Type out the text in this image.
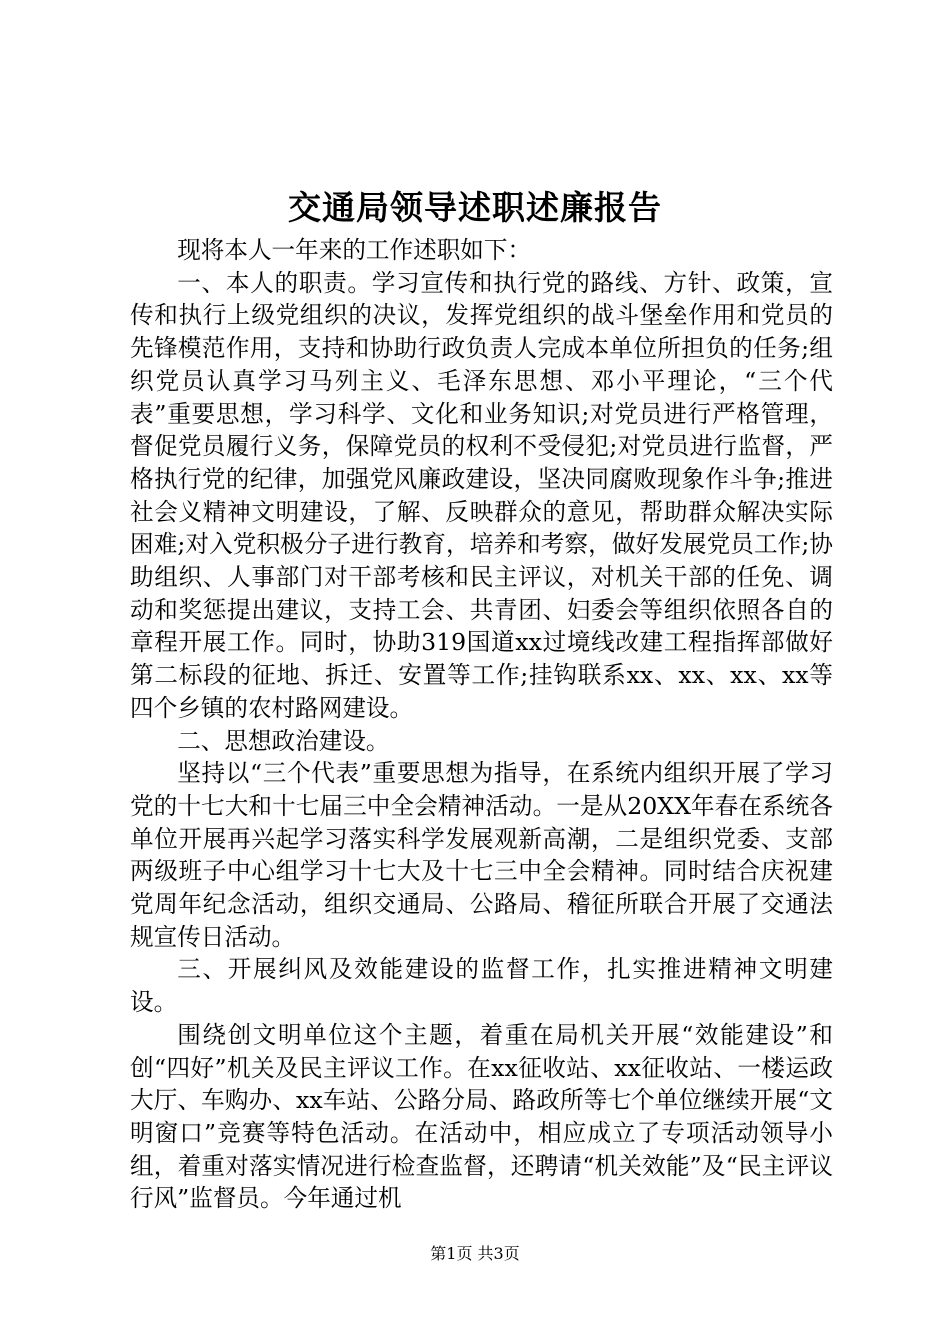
交通局领导述职述廉报告

现将本人一年来的工作述职如下：

一、本人的职责。学习宣传和执行党的路线、方针、政策，宣传和执行上级党组织的决议，发挥党组织的战斗堡垒作用和党员的先锋模范作用，支持和协助行政负责人完成本单位所担负的任务;组织党员认真学习马列主义、毛泽东思想、邓小平理论，“三个代表”重要思想，学习科学、文化和业务知识;对党员进行严格管理，督促党员履行义务，保障党员的权利不受侵犯;对党员进行监督，严格执行党的纪律，加强党风廉政建设，坚决同腐败现象作斗争;推进社会义精神文明建设，了解、反映群众的意见，帮助群众解决实际困难;对入党积极分子进行教育，培养和考察，做好发展党员工作;协助组织、人事部门对干部考核和民主评议，对机关干部的任免、调动和奖惩提出建议，支持工会、共青团、妇委会等组织依照各自的章程开展工作。同时，协助319国道xx过境线改建工程指挥部做好第二标段的征地、拆迁、安置等工作;挂钩联系xx、xx、xx、xx等四个乡镇的农村路网建设。

二、思想政治建设。

坚持以“三个代表”重要思想为指导，在系统内组织开展了学习党的十七大和十七届三中全会精神活动。一是从20XX年春在系统各单位开展再兴起学习落实科学发展观新高潮，二是组织党委、支部两级班子中心组学习十七大及十七三中全会精神。同时结合庆祝建党周年纪念活动，组织交通局、公路局、稽征所联合开展了交通法规宣传日活动。

三、开展纠风及效能建设的监督工作，扎实推进精神文明建设。

围绕创文明单位这个主题，着重在局机关开展“效能建设”和创“四好”机关及民主评议工作。在xx征收站、xx征收站、一楼运政大厅、车购办、xx车站、公路分局、路政所等七个单位继续开展“文明窗口”竞赛等特色活动。在活动中，相应成立了专项活动领导小组，着重对落实情况进行检查监督，还聘请“机关效能”及“民主评议行风”监督员。今年通过机

第1页 共3页
